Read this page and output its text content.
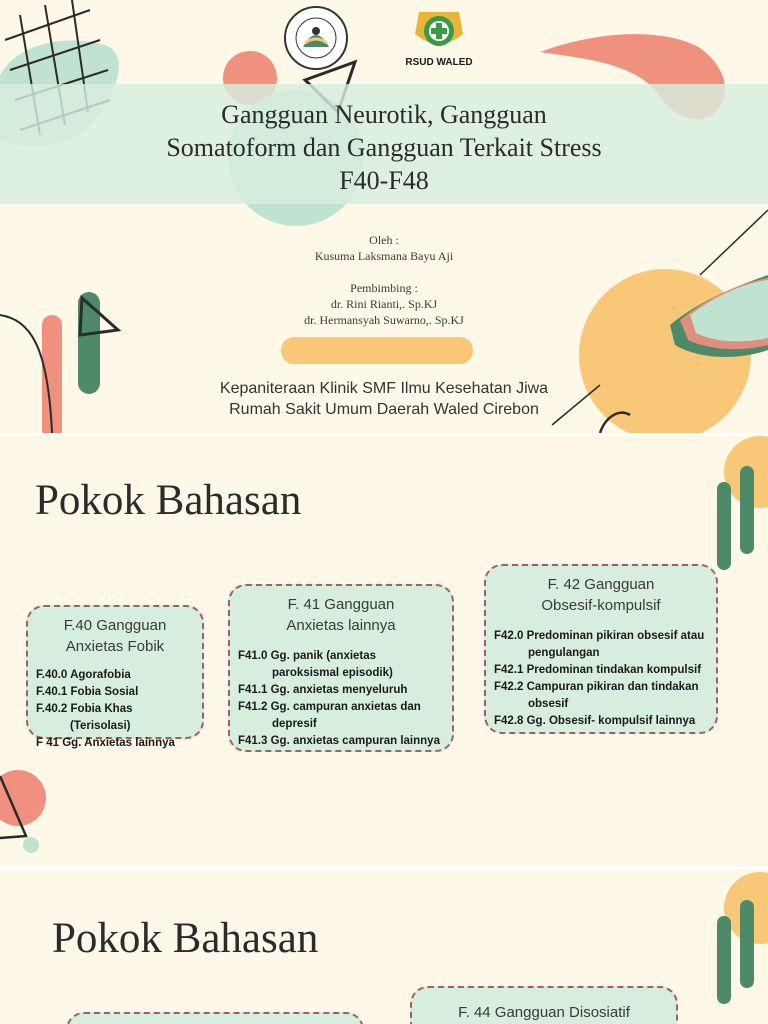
RSUD WALED
Gangguan Neurotik, Gangguan
Somatoform dan Gangguan Terkait Stress
F40-F48
Oleh :
Kusuma Laksmana Bayu Aji
Pembimbing :
dr. Rini Rianti,. Sp.KJ
dr. Hermansyah Suwarno,. Sp.KJ
Kepaniteraan Klinik SMF Ilmu Kesehatan Jiwa
Rumah Sakit Umum Daerah Waled Cirebon
Pokok Bahasan
F.40 Gangguan Anxietas Fobik
F.40.0 Agorafobia
F.40.1 Fobia Sosial
F.40.2 Fobia Khas (Terisolasi)
F 41 Gg. Anxietas lainnya
F. 41 Gangguan Anxietas lainnya
F41.0 Gg. panik (anxietas paroksismal episodik)
F41.1 Gg. anxietas menyeluruh
F41.2 Gg. campuran anxietas dan depresif
F41.3 Gg. anxietas campuran lainnya
F. 42 Gangguan Obsesif-kompulsif
F42.0 Predominan pikiran obsesif atau pengulangan
F42.1 Predominan tindakan kompulsif
F42.2 Campuran pikiran dan tindakan obsesif
F42.8 Gg. Obsesif- kompulsif lainnya
Pokok Bahasan
F. 44 Gangguan Disosiatif
